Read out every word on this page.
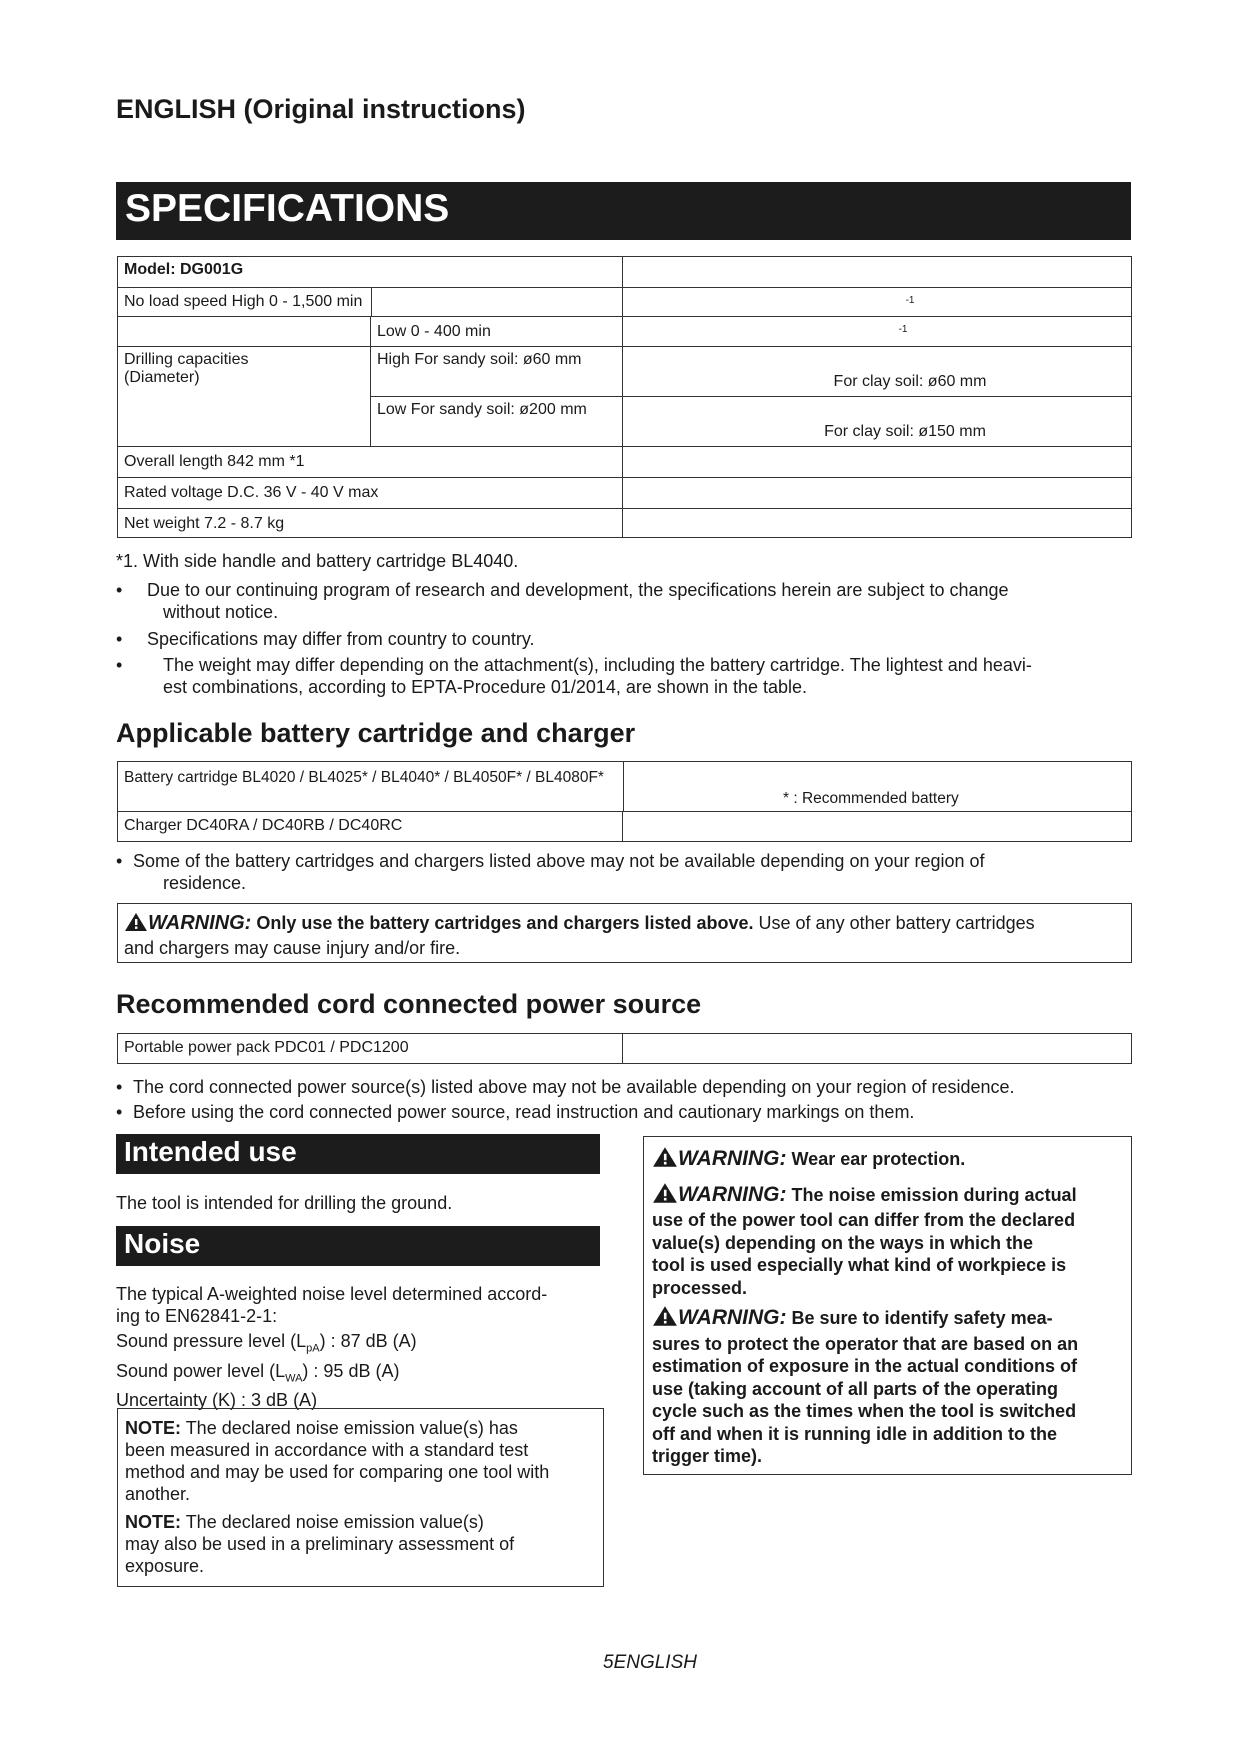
ENGLISH (Original instructions)
SPECIFICATIONS
Model: DG001G		

No load speed High 0 - 1,500 min		-1
	Low 0 - 400 min	-1

Drilling capacities
(Diameter)	High For sandy soil: ø60 mm	For clay soil: ø60 mm
	Low For sandy soil: ø200 mm	For clay soil: ø150 mm
Overall length 842 mm *1		
Rated voltage D.C. 36 V - 40 V max		
Net weight 7.2 - 8.7 kg		
*1. With side handle and battery cartridge BL4040.
•	Due to our continuing program of research and development, the specifications herein are subject to change
without notice.
•	Specifications may differ from country to country.
•	The weight may differ depending on the attachment(s), including the battery cartridge. The lightest and heavi-
est combinations, according to EPTA-Procedure 01/2014, are shown in the table.
Applicable battery cartridge and charger
Battery cartridge BL4020 / BL4025* / BL4040* / BL4050F* / BL4080F*
* : Recommended battery

Charger DC40RA / DC40RB / DC40RC	
• Some of the battery cartridges and chargers listed above may not be available depending on your region of
residence.
WARNING: Only use the battery cartridges and chargers listed above. Use of any other battery cartridges
and chargers may cause injury and/or fire.
Recommended cord connected power source
Portable power pack PDC01 / PDC1200	
• The cord connected power source(s) listed above may not be available depending on your region of residence.
• Before using the cord connected power source, read instruction and cautionary markings on them.
Intended use
The tool is intended for drilling the ground.
Noise
The typical A-weighted noise level determined accord-
ing to EN62841-2-1:
Sound pressure level $(L_{pA})$ : 87 dB (A)
Sound power level $(L_{WA})$ : 95 dB (A)
Uncertainty (K) : 3 dB (A)
NOTE: The declared noise emission value(s) has
been measured in accordance with a standard test
method and may be used for comparing one tool with
another.
NOTE: The declared noise emission value(s)
may also be used in a preliminary assessment of
exposure.
WARNING: Wear ear protection.
WARNING: The noise emission during actual
use of the power tool can differ from the declared
value(s) depending on the ways in which the
tool is used especially what kind of workpiece is
processed.
WARNING: Be sure to identify safety mea-
sures to protect the operator that are based on an
estimation of exposure in the actual conditions of
use (taking account of all parts of the operating
cycle such as the times when the tool is switched
off and when it is running idle in addition to the
trigger time).
5ENGLISH
